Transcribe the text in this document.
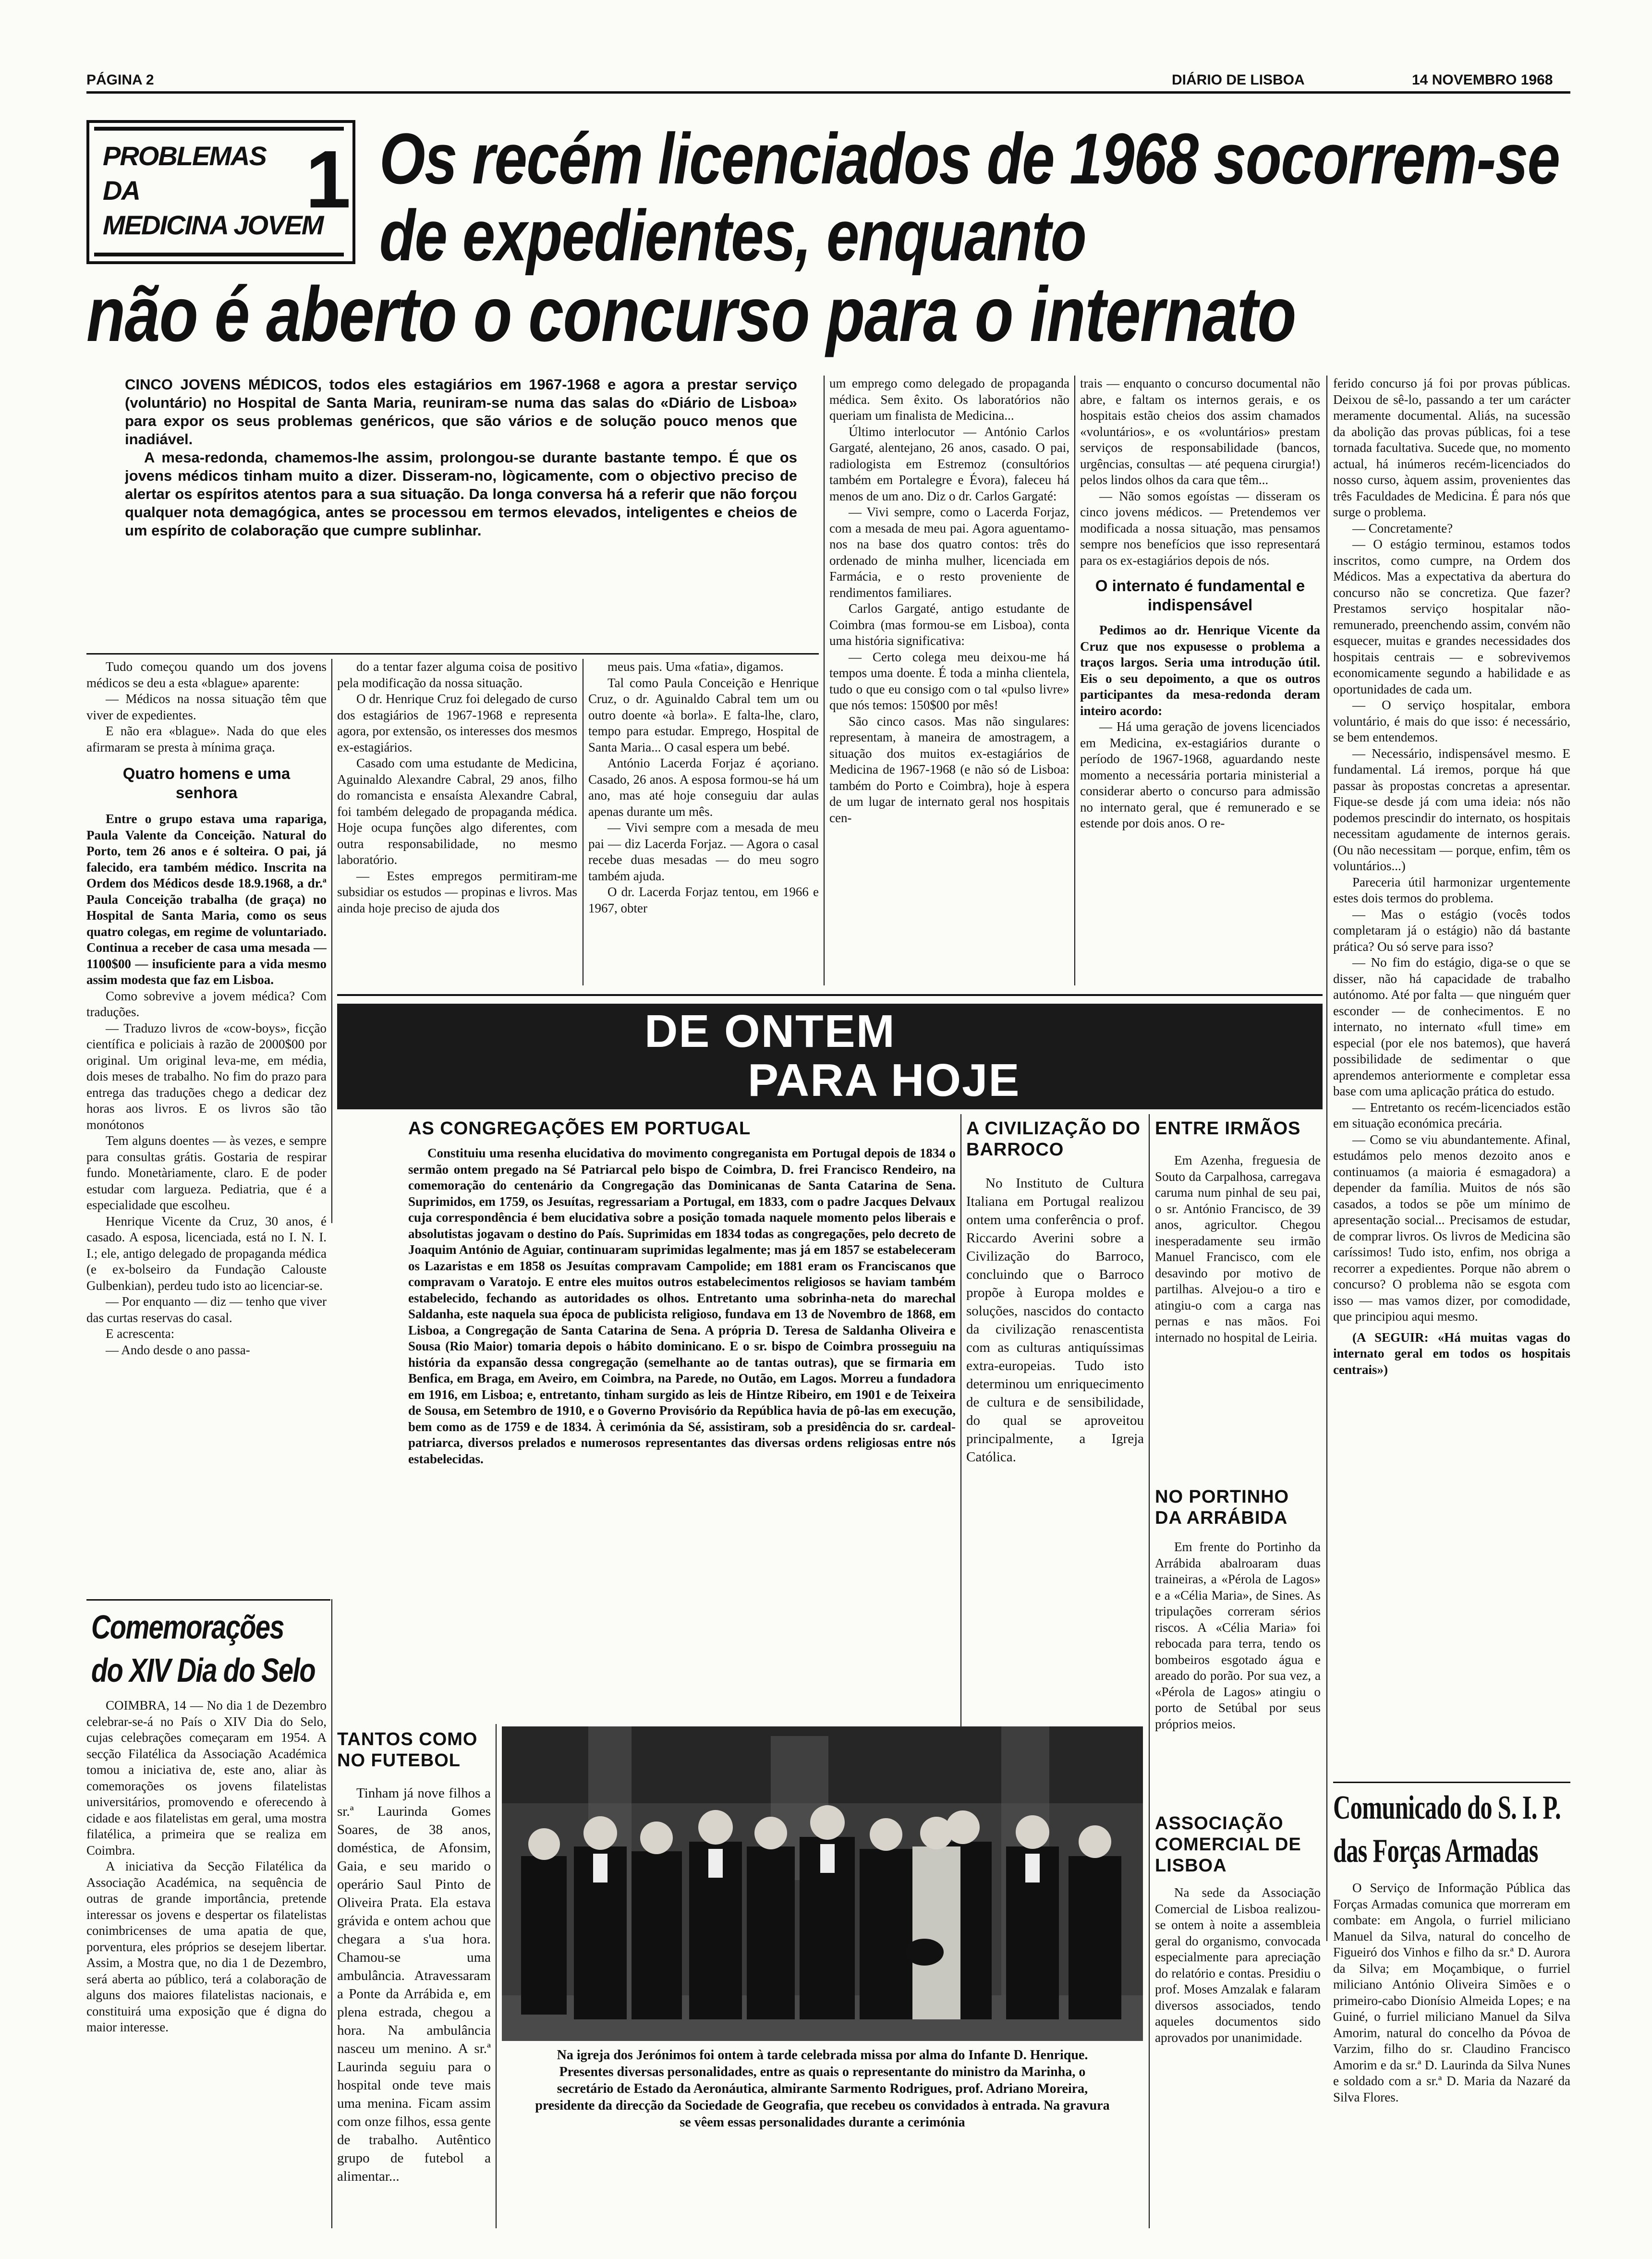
PÁGINA 2	DIÁRIO DE LISBOA	14 NOVEMBRO 1968
PROBLEMAS
DA
MEDICINA JOVEM
1 Os recém licenciados de 1968 socorrem-se
de expedientes, enquanto
não é aberto o concurso para o internato

CINCO JOVENS MÉDICOS, todos eles estagiários em 1967-1968 e agora a prestar serviço (voluntário) no Hospital de Santa Maria, reuniram-se numa das salas do «Diário de Lisboa» para expor os seus problemas genéricos, que são vários e de solução pouco menos que inadiável.

A mesa-redonda, chamemos-lhe assim, prolongou-se durante bastante tempo. É que os jovens médicos tinham muito a dizer. Disseram-no, lògicamente, com o objectivo preciso de alertar os espíritos atentos para a sua situação. Da longa conversa há a referir que não forçou qualquer nota demagógica, antes se processou em termos elevados, inteligentes e cheios de um espírito de colaboração que cumpre sublinhar.

Tudo começou quando um dos jovens médicos se deu a esta «blague» aparente:

— Médicos na nossa situação têm que viver de expedientes.

E não era «blague». Nada do que eles afirmaram se presta à mínima graça.

Quatro homens e uma senhora

Entre o grupo estava uma rapariga, Paula Valente da Conceição. Natural do Porto, tem 26 anos e é solteira. O pai, já falecido, era também médico. Inscrita na Ordem dos Médicos desde 18.9.1968, a dr.ª Paula Conceição trabalha (de graça) no Hospital de Santa Maria, como os seus quatro colegas, em regime de voluntariado. Continua a receber de casa uma mesada — 1100$00 — insuficiente para a vida mesmo assim modesta que faz em Lisboa.

Como sobrevive a jovem médica? Com traduções.

— Traduzo livros de «cow-boys», ficção científica e policiais à razão de 2000$00 por original. Um original leva-me, em média, dois meses de trabalho. No fim do prazo para entrega das traduções chego a dedicar dez horas aos livros. E os livros são tão monótonos

Tem alguns doentes — às vezes, e sempre para consultas grátis. Gostaria de respirar fundo. Monetàriamente, claro. E de poder estudar com largueza. Pediatria, que é a especialidade que escolheu.

Henrique Vicente da Cruz, 30 anos, é casado. A esposa, licenciada, está no I. N. I. I.; ele, antigo delegado de propaganda médica (e ex-bolseiro da Fundação Calouste Gulbenkian), perdeu tudo isto ao licenciar-se.

— Por enquanto — diz — tenho que viver das curtas reservas do casal.

E acrescenta:

— Ando desde o ano passa-

do a tentar fazer alguma coisa de positivo pela modificação da nossa situação.

O dr. Henrique Cruz foi delegado de curso dos estagiários de 1967-1968 e representa agora, por extensão, os interesses dos mesmos ex-estagiários.

Casado com uma estudante de Medicina, Aguinaldo Alexandre Cabral, 29 anos, filho do romancista e ensaísta Alexandre Cabral, foi também delegado de propaganda médica. Hoje ocupa funções algo diferentes, com outra responsabilidade, no mesmo laboratório.

— Estes empregos permitiram-me subsidiar os estudos — propinas e livros. Mas ainda hoje preciso de ajuda dos

meus pais. Uma «fatia», digamos.

Tal como Paula Conceição e Henrique Cruz, o dr. Aguinaldo Cabral tem um ou outro doente «à borla». E falta-lhe, claro, tempo para estudar. Emprego, Hospital de Santa Maria... O casal espera um bebé.

António Lacerda Forjaz é açoriano. Casado, 26 anos. A esposa formou-se há um ano, mas até hoje conseguiu dar aulas apenas durante um mês.

— Vivi sempre com a mesada de meu pai — diz Lacerda Forjaz. — Agora o casal recebe duas mesadas — do meu sogro também ajuda.

O dr. Lacerda Forjaz tentou, em 1966 e 1967, obter

um emprego como delegado de propaganda médica. Sem êxito. Os laboratórios não queriam um finalista de Medicina...

Último interlocutor — António Carlos Gargaté, alentejano, 26 anos, casado. O pai, radiologista em Estremoz (consultórios também em Portalegre e Évora), faleceu há menos de um ano. Diz o dr. Carlos Gargaté:

— Vivi sempre, como o Lacerda Forjaz, com a mesada de meu pai. Agora aguentamo-nos na base dos quatro contos: três do ordenado de minha mulher, licenciada em Farmácia, e o resto proveniente de rendimentos familiares.

Carlos Gargaté, antigo estudante de Coimbra (mas formou-se em Lisboa), conta uma história significativa:

— Certo colega meu deixou-me há tempos uma doente. É toda a minha clientela, tudo o que eu consigo com o tal «pulso livre» que nós temos: 150$00 por mês!

São cinco casos. Mas não singulares: representam, à maneira de amostragem, a situação dos muitos ex-estagiários de Medicina de 1967-1968 (e não só de Lisboa: também do Porto e Coimbra), hoje à espera de um lugar de internato geral nos hospitais cen-

trais — enquanto o concurso documental não abre, e faltam os internos gerais, e os hospitais estão cheios dos assim chamados «voluntários», e os «voluntários» prestam serviços de responsabilidade (bancos, urgências, consultas — até pequena cirurgia!) pelos lindos olhos da cara que têm...

— Não somos egoístas — disseram os cinco jovens médicos. — Pretendemos ver modificada a nossa situação, mas pensamos sempre nos benefícios que isso representará para os ex-estagiários depois de nós.

O internato é fundamental e indispensável

Pedimos ao dr. Henrique Vicente da Cruz que nos expusesse o problema a traços largos. Seria uma introdução útil. Eis o seu depoimento, a que os outros participantes da mesa-redonda deram inteiro acordo:

— Há uma geração de jovens licenciados em Medicina, ex-estagiários durante o período de 1967-1968, aguardando neste momento a necessária portaria ministerial a considerar aberto o concurso para admissão no internato geral, que é remunerado e se estende por dois anos. O re-

ferido concurso já foi por provas públicas. Deixou de sê-lo, passando a ter um carácter meramente documental. Aliás, na sucessão da abolição das provas públicas, foi a tese tornada facultativa. Sucede que, no momento actual, há inúmeros recém-licenciados do nosso curso, àquem assim, provenientes das três Faculdades de Medicina. É para nós que surge o problema.

— Concretamente?

— O estágio terminou, estamos todos inscritos, como cumpre, na Ordem dos Médicos. Mas a expectativa da abertura do concurso não se concretiza. Que fazer? Prestamos serviço hospitalar não-remunerado, preenchendo assim, convém não esquecer, muitas e grandes necessidades dos hospitais centrais — e sobrevivemos economicamente segundo a habilidade e as oportunidades de cada um.

— O serviço hospitalar, embora voluntário, é mais do que isso: é necessário, se bem entendemos.

— Necessário, indispensável mesmo. E fundamental. Lá iremos, porque há que passar às propostas concretas a apresentar. Fique-se desde já com uma ideia: nós não podemos prescindir do internato, os hospitais necessitam agudamente de internos gerais. (Ou não necessitam — porque, enfim, têm os voluntários...)

Pareceria útil harmonizar urgentemente estes dois termos do problema.

— Mas o estágio (vocês todos completaram já o estágio) não dá bastante prática? Ou só serve para isso?

— No fim do estágio, diga-se o que se disser, não há capacidade de trabalho autónomo. Até por falta — que ninguém quer esconder — de conhecimentos. E no internato, no internato «full time» em especial (por ele nos batemos), que haverá possibilidade de sedimentar o que aprendemos anteriormente e completar essa base com uma aplicação prática do estudo.

— Entretanto os recém-licenciados estão em situação económica precária.

— Como se viu abundantemente. Afinal, estudámos pelo menos dezoito anos e continuamos (a maioria é esmagadora) a depender da família. Muitos de nós são casados, a todos se põe um mínimo de apresentação social... Precisamos de estudar, de comprar livros. Os livros de Medicina são caríssimos! Tudo isto, enfim, nos obriga a recorrer a expedientes. Porque não abrem o concurso? O problema não se esgota com isso — mas vamos dizer, por comodidade, que principiou aqui mesmo.

(A SEGUIR: «Há muitas vagas do internato geral em todos os hospitais centrais»)

Comemorações
do XIV Dia do Selo

COIMBRA, 14 — No dia 1 de Dezembro celebrar-se-á no País o XIV Dia do Selo, cujas celebrações começaram em 1954. A secção Filatélica da Associação Académica tomou a iniciativa de, este ano, aliar às comemorações os jovens filatelistas universitários, promovendo e oferecendo à cidade e aos filatelistas em geral, uma mostra filatélica, a primeira que se realiza em Coimbra.

A iniciativa da Secção Filatélica da Associação Académica, na sequência de outras de grande importância, pretende interessar os jovens e despertar os filatelistas conimbricenses de uma apatia de que, porventura, eles próprios se desejem libertar. Assim, a Mostra que, no dia 1 de Dezembro, será aberta ao público, terá a colaboração de alguns dos maiores filatelistas nacionais, e constituirá uma exposição que é digna do maior interesse.

DE ONTEM
PARA HOJE
AS CONGREGAÇÕES EM PORTUGAL
Constituiu uma resenha elucidativa do movimento congreganista em Portugal depois de 1834 o sermão ontem pregado na Sé Patriarcal pelo bispo de Coimbra, D. frei Francisco Rendeiro, na comemoração do centenário da Congregação das Dominicanas de Santa Catarina de Sena. Suprimidos, em 1759, os Jesuítas, regressariam a Portugal, em 1833, com o padre Jacques Delvaux cuja correspondência é bem elucidativa sobre a posição tomada naquele momento pelos liberais e absolutistas jogavam o destino do País. Suprimidas em 1834 todas as congregações, pelo decreto de Joaquim António de Aguiar, continuaram suprimidas legalmente; mas já em 1857 se estabeleceram os Lazaristas e em 1858 os Jesuítas compravam Campolide; em 1881 eram os Franciscanos que compravam o Varatojo. E entre eles muitos outros estabelecimentos religiosos se haviam também estabelecido, fechando as autoridades os olhos. Entretanto uma sobrinha-neta do marechal Saldanha, este naquela sua época de publicista religioso, fundava em 13 de Novembro de 1868, em Lisboa, a Congregação de Santa Catarina de Sena. A própria D. Teresa de Saldanha Oliveira e Sousa (Rio Maior) tomaria depois o hábito dominicano. E o sr. bispo de Coimbra prosseguiu na história da expansão dessa congregação (semelhante ao de tantas outras), que se firmaria em Benfica, em Braga, em Aveiro, em Coimbra, na Parede, no Outão, em Lagos. Morreu a fundadora em 1916, em Lisboa; e, entretanto, tinham surgido as leis de Hintze Ribeiro, em 1901 e de Teixeira de Sousa, em Setembro de 1910, e o Governo Provisório da República havia de pô-las em execução, bem como as de 1759 e de 1834. À cerimónia da Sé, assistiram, sob a presidência do sr. cardeal-patriarca, diversos prelados e numerosos representantes das diversas ordens religiosas entre nós estabelecidas.
A CIVILIZAÇÃO DO BARROCO
No Instituto de Cultura Italiana em Portugal realizou ontem uma conferência o prof. Riccardo Averini sobre a Civilização do Barroco, concluindo que o Barroco propõe à Europa moldes e soluções, nascidos do contacto da civilização renascentista com as culturas antiquíssimas extra-europeias. Tudo isto determinou um enriquecimento de cultura e de sensibilidade, do qual se aproveitou principalmente, a Igreja Católica.
ENTRE IRMÃOS
Em Azenha, freguesia de Souto da Carpalhosa, carregava carumа num pinhal de seu pai, o sr. António Francisco, de 39 anos, agricultor. Chegou inesperadamente seu irmão Manuel Francisco, com ele desavindo por motivo de partilhas. Alvejou-o a tiro e atingiu-o com a carga nas pernas e nas mãos. Foi internado no hospital de Leiria.
NO PORTINHO DA ARRÁBIDA
Em frente do Portinho da Arrábida abalroaram duas traineiras, a «Pérola de Lagos» e a «Célia Maria», de Sines. As tripulações correram sérios riscos. A «Célia Maria» foi rebocada para terra, tendo os bombeiros esgotado água e areado do porão. Por sua vez, a «Pérola de Lagos» atingiu o porto de Setúbal por seus próprios meios.
ASSOCIAÇÃO COMERCIAL DE LISBOA
Na sede da Associação Comercial de Lisboa realizou-se ontem à noite a assembleia geral do organismo, convocada especialmente para apreciação do relatório e contas. Presidiu o prof. Moses Amzalak e falaram diversos associados, tendo aqueles documentos sido aprovados por unanimidade.
TANTOS COMO NO FUTEBOL
Tinham já nove filhos a sr.ª Laurinda Gomes Soares, de 38 anos, doméstica, de Afonsim, Gaia, e seu marido o operário Saul Pinto de Oliveira Prata. Ela estava grávida e ontem achou que chegara a s'ua hora. Chamou-se uma ambulância. Atravessaram a Ponte da Arrábida e, em plena estrada, chegou a hora. Na ambulância nasceu um menino. A sr.ª Laurinda seguiu para o hospital onde teve mais uma menina. Ficam assim com onze filhos, essa gente de trabalho. Autêntico grupo de futebol a alimentar...
Na igreja dos Jerónimos foi ontem à tarde celebrada missa por alma do Infante D. Henrique. Presentes diversas personalidades, entre as quais o representante do ministro da Marinha, o secretário de Estado da Aeronáutica, almirante Sarmento Rodrigues, prof. Adriano Moreira, presidente da direcção da Sociedade de Geografia, que recebeu os convidados à entrada. Na gravura se vêem essas personalidades durante a cerimónia
Comunicado do S. I. P.
das Forças Armadas
O Serviço de Informação Pública das Forças Armadas comunica que morreram em combate: em Angola, o furriel miliciano Manuel da Silva, natural do concelho de Figueiró dos Vinhos e filho da sr.ª D. Aurora da Silva; em Moçambique, o furriel miliciano António Oliveira Simões e o primeiro-cabo Dionísio Almeida Lopes; e na Guiné, o furriel miliciano Manuel da Silva Amorim, natural do concelho da Póvoa de Varzim, filho do sr. Claudino Francisco Amorim e da sr.ª D. Laurinda da Silva Nunes e soldado com a sr.ª D. Maria da Nazaré da Silva Flores.
